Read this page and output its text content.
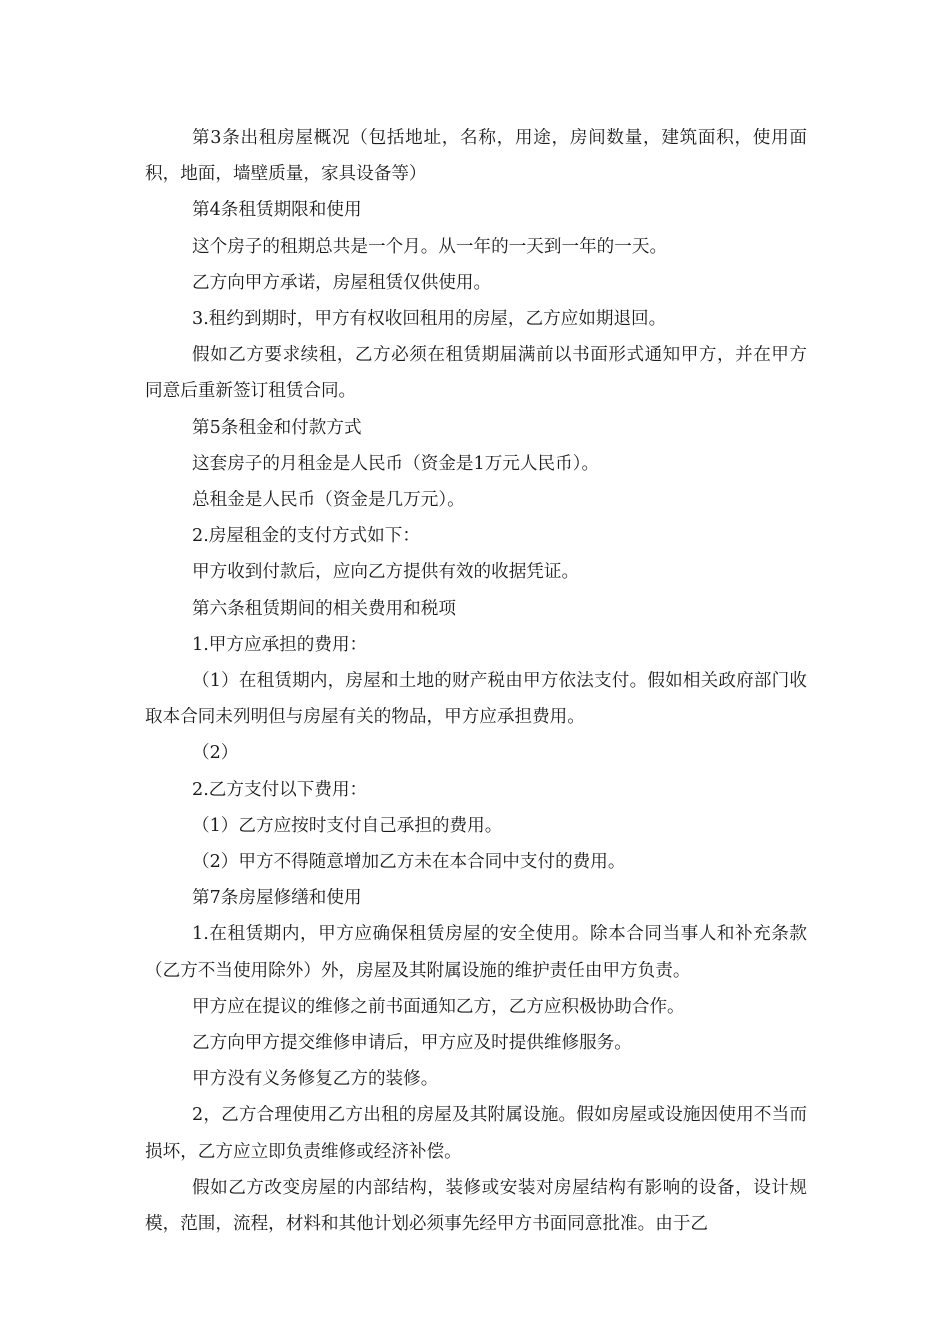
第3条出租房屋概况（包括地址，名称，用途，房间数量，建筑面积，使用面积，地面，墙壁质量，家具设备等）

第4条租赁期限和使用

这个房子的租期总共是一个月。从一年的一天到一年的一天。

乙方向甲方承诺，房屋租赁仅供使用。

3.租约到期时，甲方有权收回租用的房屋，乙方应如期退回。

假如乙方要求续租，乙方必须在租赁期届满前以书面形式通知甲方，并在甲方同意后重新签订租赁合同。

第5条租金和付款方式

这套房子的月租金是人民币（资金是1万元人民币）。

总租金是人民币（资金是几万元）。

2.房屋租金的支付方式如下：

甲方收到付款后，应向乙方提供有效的收据凭证。

第六条租赁期间的相关费用和税项

1.甲方应承担的费用：

（1）在租赁期内，房屋和土地的财产税由甲方依法支付。假如相关政府部门收取本合同未列明但与房屋有关的物品，甲方应承担费用。

（2）

2.乙方支付以下费用：

（1）乙方应按时支付自己承担的费用。

（2）甲方不得随意增加乙方未在本合同中支付的费用。

第7条房屋修缮和使用

1.在租赁期内，甲方应确保租赁房屋的安全使用。除本合同当事人和补充条款（乙方不当使用除外）外，房屋及其附属设施的维护责任由甲方负责。

甲方应在提议的维修之前书面通知乙方，乙方应积极协助合作。

乙方向甲方提交维修申请后，甲方应及时提供维修服务。

甲方没有义务修复乙方的装修。

2，乙方合理使用乙方出租的房屋及其附属设施。假如房屋或设施因使用不当而损坏，乙方应立即负责维修或经济补偿。

假如乙方改变房屋的内部结构，装修或安装对房屋结构有影响的设备，设计规模，范围，流程，材料和其他计划必须事先经甲方书面同意批准。由于乙
